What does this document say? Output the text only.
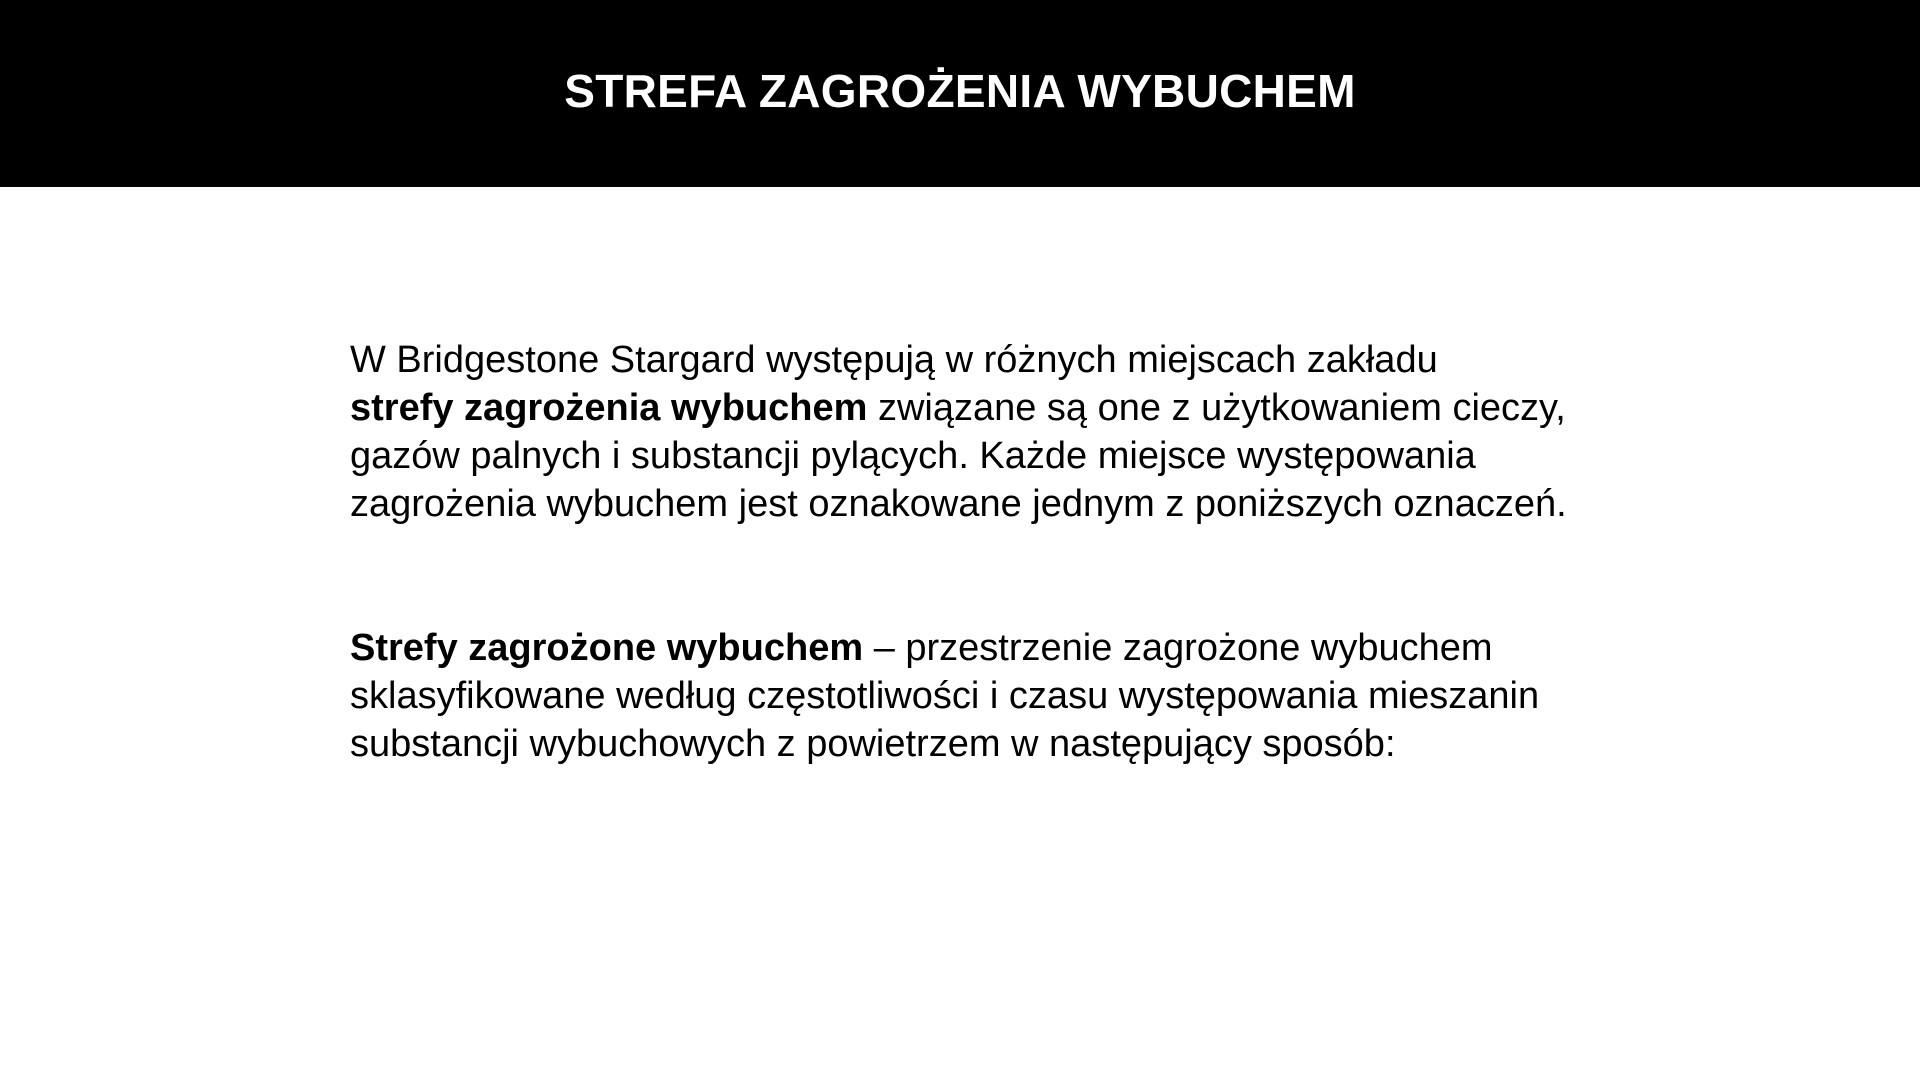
STREFA ZAGROŻENIA WYBUCHEM

W Bridgestone Stargard występują w różnych miejscach zakładu
strefy zagrożenia wybuchem związane są one z użytkowaniem cieczy, gazów palnych i substancji pylących. Każde miejsce występowania zagrożenia wybuchem jest oznakowane jednym z poniższych oznaczeń.

Strefy zagrożone wybuchem – przestrzenie zagrożone wybuchem sklasyfikowane według częstotliwości i czasu występowania mieszanin substancji wybuchowych z powietrzem w następujący sposób:
